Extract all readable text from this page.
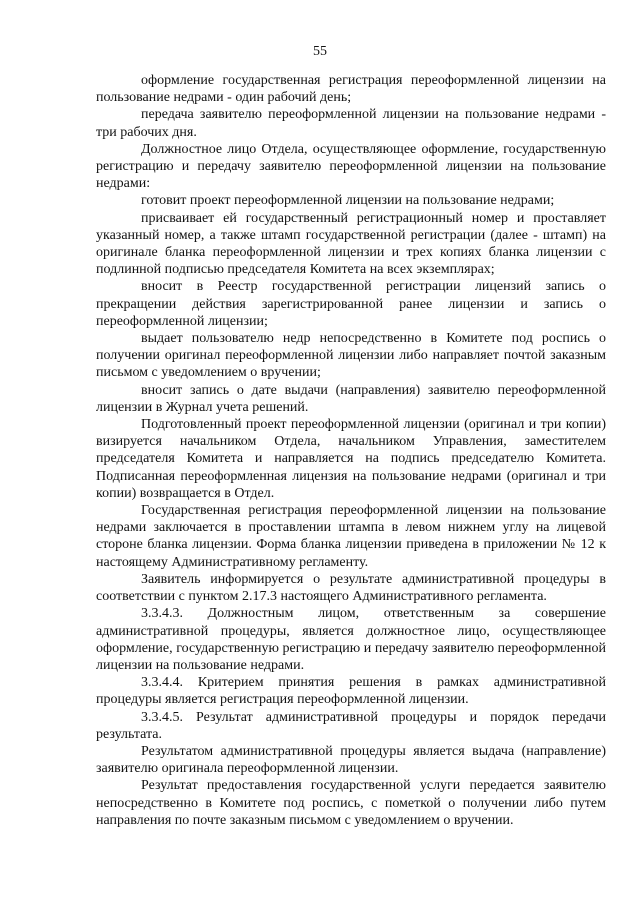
55

оформление государственная регистрация переоформленной лицензии на пользование недрами - один рабочий день;

передача заявителю переоформленной лицензии на пользование недрами - три рабочих дня.

Должностное лицо Отдела, осуществляющее оформление, государственную регистрацию и передачу заявителю переоформленной лицензии на пользование недрами:

готовит проект переоформленной лицензии на пользование недрами;

присваивает ей государственный регистрационный номер и проставляет указанный номер, а также штамп государственной регистрации (далее - штамп) на оригинале бланка переоформленной лицензии и трех копиях бланка лицензии с подлинной подписью председателя Комитета на всех экземплярах;

вносит в Реестр государственной регистрации лицензий запись о прекращении действия зарегистрированной ранее лицензии и запись о переоформленной лицензии;

выдает пользователю недр непосредственно в Комитете под роспись о получении оригинал переоформленной лицензии либо направляет почтой заказным письмом с уведомлением о вручении;

вносит запись о дате выдачи (направления) заявителю переоформленной лицензии в Журнал учета решений.

Подготовленный проект переоформленной лицензии (оригинал и три копии) визируется начальником Отдела, начальником Управления, заместителем председателя Комитета и направляется на подпись председателю Комитета. Подписанная переоформленная лицензия на пользование недрами (оригинал и три копии) возвращается в Отдел.

Государственная регистрация переоформленной лицензии на пользование недрами заключается в проставлении штампа в левом нижнем углу на лицевой стороне бланка лицензии. Форма бланка лицензии приведена в приложении № 12 к настоящему Административному регламенту.

Заявитель информируется о результате административной процедуры в соответствии с пунктом 2.17.3 настоящего Административного регламента.

3.3.4.3. Должностным лицом, ответственным за совершение административной процедуры, является должностное лицо, осуществляющее оформление, государственную регистрацию и передачу заявителю переоформленной лицензии на пользование недрами.

3.3.4.4. Критерием принятия решения в рамках административной процедуры является регистрация переоформленной лицензии.

3.3.4.5. Результат административной процедуры и порядок передачи результата.

Результатом административной процедуры является выдача (направление) заявителю оригинала переоформленной лицензии.

Результат предоставления государственной услуги передается заявителю непосредственно в Комитете под роспись, с пометкой о получении либо путем направления по почте заказным письмом с уведомлением о вручении.
